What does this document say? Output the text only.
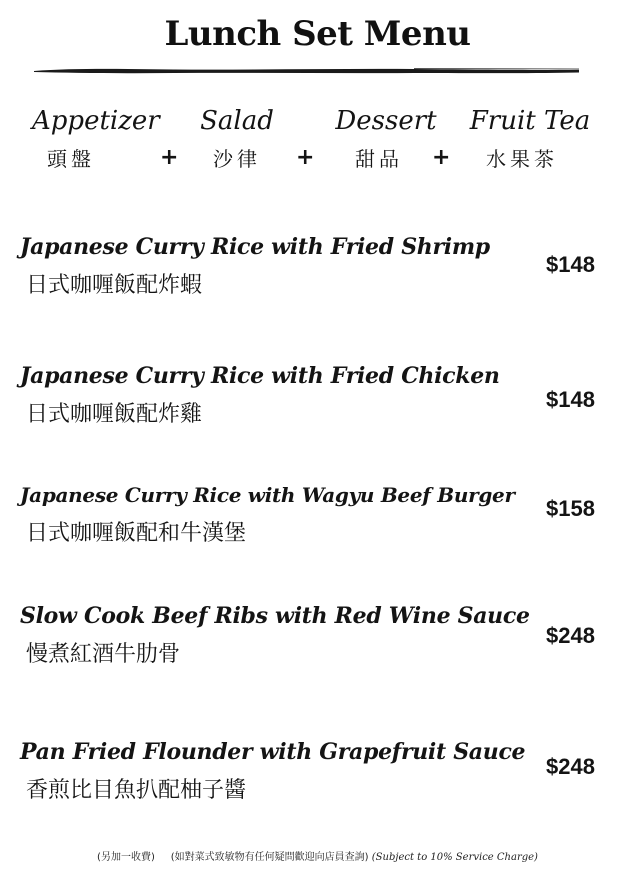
Lunch Set Menu
Appetizer
頭盤	+
Salad
沙律	+
Dessert
甜品	+
Fruit Tea
水果茶
Japanese Curry Rice with Fried Shrimp
日式咖喱飯配炸蝦
$148
Japanese Curry Rice with Fried Chicken
日式咖喱飯配炸雞
$148
Japanese Curry Rice with Wagyu Beef Burger
日式咖喱飯配和牛漢堡
$158
Slow Cook Beef Ribs with Red Wine Sauce
慢煮紅酒牛肋骨
$248
Pan Fried Flounder with Grapefruit Sauce
香煎比目魚扒配柚子醬
$248
(另加一收費) (如對菜式致敏物有任何疑問歡迎向店員查詢) (Subject to 10% Service Charge)
